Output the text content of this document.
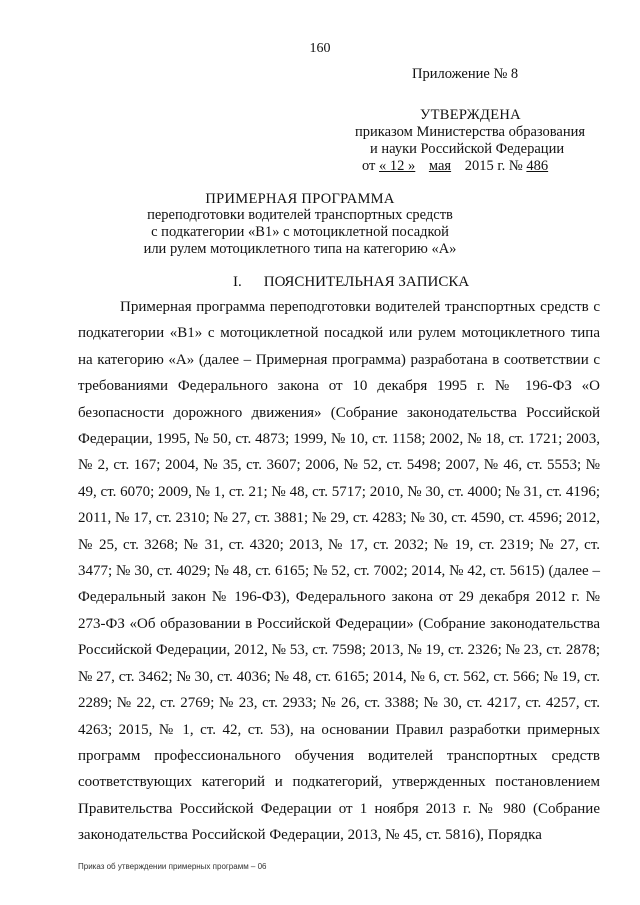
160
Приложение № 8
УТВЕРЖДЕНА
приказом Министерства образования
и науки Российской Федерации
от « 12 » мая 2015 г. № 486
ПРИМЕРНАЯ ПРОГРАММА
переподготовки водителей транспортных средств
с подкатегории «В1» с мотоциклетной посадкой
или рулем мотоциклетного типа на категорию «А»
I. ПОЯСНИТЕЛЬНАЯ ЗАПИСКА

Примерная программа переподготовки водителей транспортных средств с подкатегории «В1» с мотоциклетной посадкой или рулем мотоциклетного типа на категорию «А» (далее – Примерная программа) разработана в соответствии с требованиями Федерального закона от 10 декабря 1995 г. № 196-ФЗ «О безопасности дорожного движения» (Собрание законодательства Российской Федерации, 1995, № 50, ст. 4873; 1999, № 10, ст. 1158; 2002, № 18, ст. 1721; 2003, № 2, ст. 167; 2004, № 35, ст. 3607; 2006, № 52, ст. 5498; 2007, № 46, ст. 5553; № 49, ст. 6070; 2009, № 1, ст. 21; № 48, ст. 5717; 2010, № 30, ст. 4000; № 31, ст. 4196; 2011, № 17, ст. 2310; № 27, ст. 3881; № 29, ст. 4283; № 30, ст. 4590, ст. 4596; 2012, № 25, ст. 3268; № 31, ст. 4320; 2013, № 17, ст. 2032; № 19, ст. 2319; № 27, ст. 3477; № 30, ст. 4029; № 48, ст. 6165; № 52, ст. 7002; 2014, № 42, ст. 5615) (далее – Федеральный закон № 196-ФЗ), Федерального закона от 29 декабря 2012 г. № 273-ФЗ «Об образовании в Российской Федерации» (Собрание законодательства Российской Федерации, 2012, № 53, ст. 7598; 2013, № 19, ст. 2326; № 23, ст. 2878; № 27, ст. 3462; № 30, ст. 4036; № 48, ст. 6165; 2014, № 6, ст. 562, ст. 566; № 19, ст. 2289; № 22, ст. 2769; № 23, ст. 2933; № 26, ст. 3388; № 30, ст. 4217, ст. 4257, ст. 4263; 2015, № 1, ст. 42, ст. 53), на основании Правил разработки примерных программ профессионального обучения водителей транспортных средств соответствующих категорий и подкатегорий, утвержденных постановлением Правительства Российской Федерации от 1 ноября 2013 г. № 980 (Собрание законодательства Российской Федерации, 2013, № 45, ст. 5816), Порядка

Приказ об утверждении примерных программ – 06
